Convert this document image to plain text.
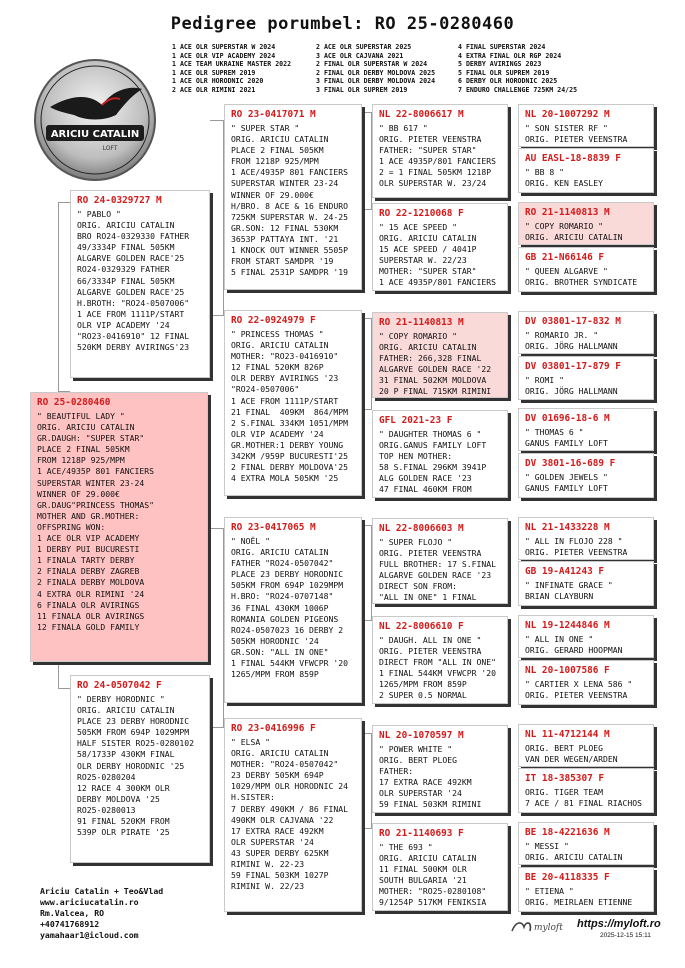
Pedigree porumbel: RO 25-0280460
1 ACE OLR SUPERSTAR W 2024
1 ACE OLR VIP ACADEMY 2024
1 ACE TEAM UKRAINE MASTER 2022
1 ACE OLR SUPREM 2019
1 ACE OLR HORODNIC 2020
2 ACE OLR RIMINI 2021
2 ACE OLR SUPERSTAR 2025
3 ACE OLR CAJVANA 2021
2 FINAL OLR SUPERSTAR W 2024
2 FINAL OLR DERBY MOLDOVA 2025
3 FINAL OLR DERBY MOLDOVA 2024
3 FINAL OLR SUPREM 2019
4 FINAL SUPERSTAR 2024
4 EXTRA FINAL OLR RGP 2024
5 DERBY AVIRINGS 2023
5 FINAL OLR SUPREM 2019
6 DERBY OLR HORODNIC 2025
7 ENDURO CHALLENGE 725KM 24/25
ARICIU CATALIN
LOFT
RO 25-0280460
" BEAUTIFUL LADY "
ORIG. ARICIU CATALIN
GR.DAUGH: "SUPER STAR"
PLACE 2 FINAL 505KM
FROM 1218P 925/MPM
1 ACE/4935P 801 FANCIERS
SUPERSTAR WINTER 23-24
WINNER OF 29.000€
GR.DAUG"PRINCESS THOMAS"
MOTHER AND GR.MOTHER:
OFFSPRING WON:
1 ACE OLR VIP ACADEMY
1 DERBY PUI BUCURESTI
1 FINALA TARTY DERBY
2 FINALA DERBY ZAGREB
2 FINALA DERBY MOLDOVA
4 EXTRA OLR RIMINI '24
6 FINALA OLR AVIRINGS
11 FINALA OLR AVIRINGS
12 FINALA GOLD FAMILY
RO 24-0329727 M
" PABLO "
ORIG. ARICIU CATALIN
BRO RO24-0329330 FATHER
49/3334P FINAL 505KM
ALGARVE GOLDEN RACE'25
RO24-0329329 FATHER
66/3334P FINAL 505KM
ALGARVE GOLDEN RACE'25
H.BROTH: "RO24-0507006"
1 ACE FROM 1111P/START
OLR VIP ACADEMY '24
"RO23-0416910" 12 FINAL
520KM DERBY AVIRINGS'23
RO 24-0507042 F
" DERBY HORODNIC "
ORIG. ARICIU CATALIN
PLACE 23 DERBY HORODNIC
505KM FROM 694P 1029MPM
HALF SISTER RO25-0280102
58/1733P 430KM FINAL
OLR DERBY HORODNIC '25
RO25-0280204
12 RACE 4 300KM OLR
DERBY MOLDOVA '25
RO25-0280013
91 FINAL 520KM FROM
539P OLR PIRATE '25
RO 23-0417071 M
" SUPER STAR "
ORIG. ARICIU CATALIN
PLACE 2 FINAL 505KM
FROM 1218P 925/MPM
1 ACE/4935P 801 FANCIERS
SUPERSTAR WINTER 23-24
WINNER OF 29.000€
H/BRO. 8 ACE & 16 ENDURO
725KM SUPERSTAR W. 24-25
GR.SON: 12 FINAL 530KM
3653P PATTAYA INT. '21
1 KNOCK OUT WINNER 5505P
FROM START SAMDPR '19
5 FINAL 2531P SAMDPR '19
RO 22-0924979 F
" PRINCESS THOMAS "
ORIG. ARICIU CATALIN
MOTHER: "RO23-0416910"
12 FINAL 520KM 826P
OLR DERBY AVIRINGS '23
"RO24-0507006"
1 ACE FROM 1111P/START
21 FINAL  409KM  864/MPM
2 S.FINAL 334KM 1051/MPM
OLR VIP ACADEMY '24
GR.MOTHER:1 DERBY YOUNG
342KM /959P BUCURESTI'25
2 FINAL DERBY MOLDOVA'25
4 EXTRA MOLA 505KM '25
RO 23-0417065 M
" NOËL "
ORIG. ARICIU CATALIN
FATHER "RO24-0507042"
PLACE 23 DERBY HORODNIC
505KM FROM 694P 1029MPM
H.BRO: "RO24-0707148"
36 FINAL 430KM 1006P
ROMANIA GOLDEN PIGEONS
RO24-0507023 16 DERBY 2
505KM HORODNIC '24
GR.SON: "ALL IN ONE"
1 FINAL 544KM VFWCPR '20
1265/MPM FROM 859P
RO 23-0416996 F
" ELSA "
ORIG. ARICIU CATALIN
MOTHER: "RO24-0507042"
23 DERBY 505KM 694P
1029/MPM OLR HORODNIC 24
H.SISTER:
7 DERBY 490KM / 86 FINAL
490KM OLR CAJVANA '22
17 EXTRA RACE 492KM
OLR SUPERSTAR '24
43 SUPER DERBY 625KM
RIMINI W. 22-23
59 FINAL 503KM 1027P
RIMINI W. 22/23
NL 22-8006617 M
" BB 617 "
ORIG. PIETER VEENSTRA
FATHER: "SUPER STAR"
1 ACE 4935P/801 FANCIERS
2 = 1 FINAL 505KM 1218P
OLR SUPERSTAR W. 23/24
RO 22-1210068 F
" 15 ACE SPEED "
ORIG. ARICIU CATALIN
15 ACE SPEED / 4041P
SUPERSTAR W. 22/23
MOTHER: "SUPER STAR"
1 ACE 4935P/801 FANCIERS
RO 21-1140813 M
" COPY ROMARIO "
ORIG. ARICIU CATALIN
FATHER: 266,328 FINAL
ALGARVE GOLDEN RACE '22
31 FINAL 502KM MOLDOVA
20 P FINAL 715KM RIMINI
GFL 2021-23 F
" DAUGHTER THOMAS 6 "
ORIG.GANUS FAMILY LOFT
TOP HEN MOTHER:
58 S.FINAL 296KM 3941P
ALG GOLDEN RACE '23
47 FINAL 460KM FROM
NL 22-8006603 M
" SUPER FLOJO "
ORIG. PIETER VEENSTRA
FULL BROTHER: 17 S.FINAL
ALGARVE GOLDEN RACE '23
DIRECT SON FROM:
"ALL IN ONE" 1 FINAL
NL 22-8006610 F
" DAUGH. ALL IN ONE "
ORIG. PIETER VEENSTRA
DIRECT FROM "ALL IN ONE"
1 FINAL 544KM VFWCPR '20
1265/MPM FROM 859P
2 SUPER 0.5 NORMAL
NL 20-1070597 M
" POWER WHITE "
ORIG. BERT PLOEG
FATHER:
17 EXTRA RACE 492KM
OLR SUPERSTAR '24
59 FINAL 503KM RIMINI
RO 21-1140693 F
" THE 693 "
ORIG. ARICIU CATALIN
11 FINAL 500KM OLR
SOUTH BULGARIA '21
MOTHER: "RO25-0280108"
9/1254P 517KM FENIKSIA
NL 20-1007292 M
" SON SISTER RF "
ORIG. PIETER VEENSTRA
AU EASL-18-8839 F
" BB 8 "
ORIG. KEN EASLEY
RO 21-1140813 M
" COPY ROMARIO "
ORIG. ARICIU CATALIN
GB 21-N66146 F
" QUEEN ALGARVE "
ORIG. BROTHER SYNDICATE
DV 03801-17-832 M
" ROMARIO JR. "
ORIG. JÖRG HALLMANN
DV 03801-17-879 F
" ROMI "
ORIG. JÖRG HALLMANN
DV 01696-18-6 M
" THOMAS 6 "
GANUS FAMILY LOFT
DV 3801-16-689 F
" GOLDEN JEWELS "
GANUS FAMILY LOFT
NL 21-1433228 M
" ALL IN FLOJO 228 "
ORIG. PIETER VEENSTRA
GB 19-A41243 F
" INFINATE GRACE "
BRIAN CLAYBURN
NL 19-1244846 M
" ALL IN ONE "
ORIG. GERARD HOOPMAN
NL 20-1007586 F
" CARTIER X LENA 586 "
ORIG. PIETER VEENSTRA
NL 11-4712144 M
ORIG. BERT PLOEG
VAN DER WEGEN/ARDEN
IT 18-385307 F
ORIG. TIGER TEAM
7 ACE / 81 FINAL RIACHOS
BE 18-4221636 M
" MESSI "
ORIG. ARICIU CATALIN
BE 20-4118335 F
" ETIENA "
ORIG. MEIRLAEN ETIENNE
Ariciu Catalin + Teo&Vlad
www.ariciucatalin.ro
Rm.Valcea, RO
+40741768912
yamahaar1@icloud.com
myloft https://myloft.ro
2025-12-15 15:11
